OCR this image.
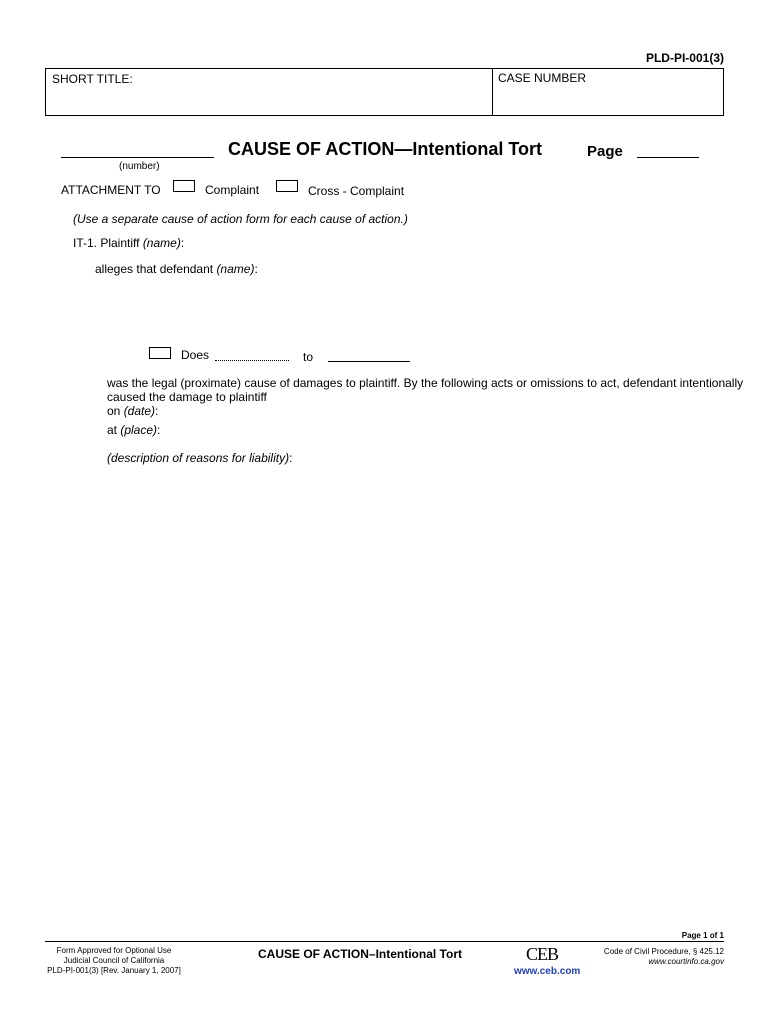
PLD-PI-001(3)
SHORT TITLE:	CASE NUMBER
(number)
CAUSE OF ACTION—Intentional Tort	Page
ATTACHMENT TO	Complaint	Cross - Complaint
(Use a separate cause of action form for each cause of action.)
IT-1. Plaintiff (name):
alleges that defendant (name):
Does	to
was the legal (proximate) cause of damages to plaintiff. By the following acts or omissions to act, defendant intentionally
caused the damage to plaintiff
on (date):
at (place):
(description of reasons for liability):
Page 1 of 1
Form Approved for Optional Use
Judicial Council of California
PLD-PI-001(3) [Rev. January 1, 2007]
CAUSE OF ACTION–Intentional Tort	CEB
www.ceb.com
Code of Civil Procedure, § 425.12
www.courtinfo.ca.gov
